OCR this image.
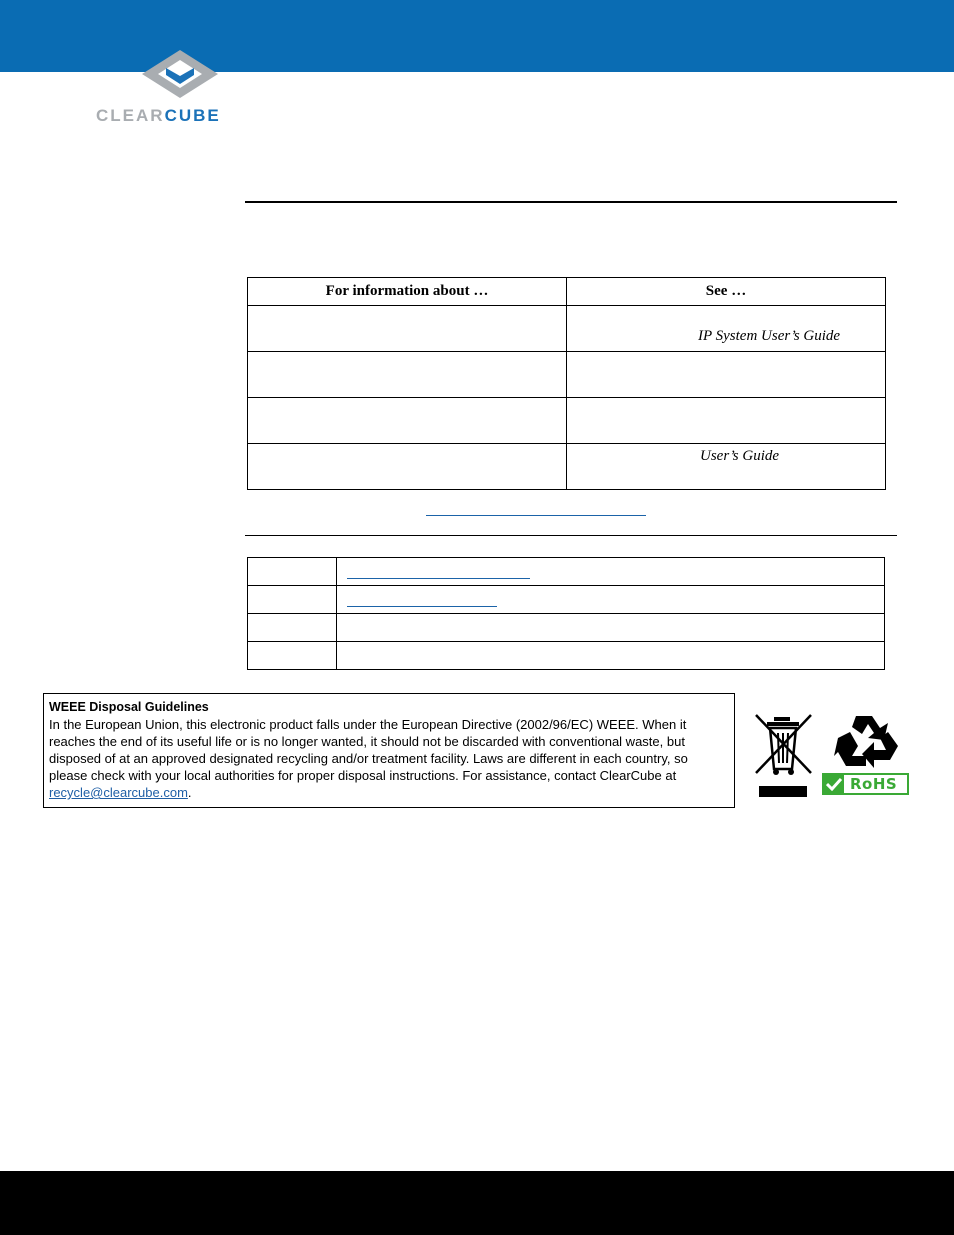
CLEARCUBE
For information about …	See …

	IP System User’s Guide

	User’s Guide

WEEE Disposal Guidelines
In the European Union, this electronic product falls under the European Directive (2002/96/EC) WEEE. When it reaches the end of its useful life or is no longer wanted, it should not be discarded with conventional waste, but disposed of at an approved designated recycling and/or treatment facility. Laws are different in each country, so please check with your local authorities for proper disposal instructions. For assistance, contact ClearCube at recycle@clearcube.com.	RoHS
